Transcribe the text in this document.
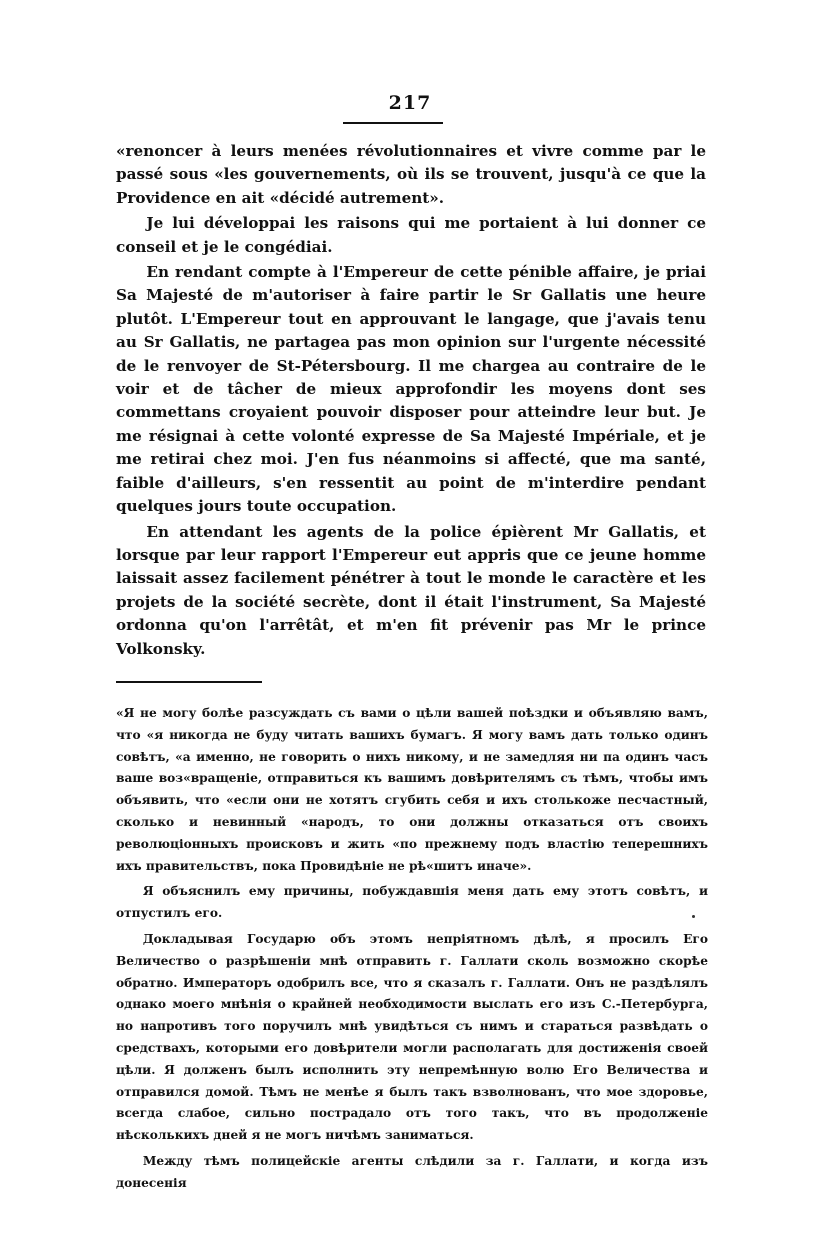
217

«renoncer à leurs menées révolutionnaires et vivre comme par le passé sous «les gouvernements, où ils se trouvent, jusqu'à ce que la Providence en ait «décidé autrement».

Je lui développai les raisons qui me portaient à lui donner ce conseil et je le congédiai.

En rendant compte à l'Empereur de cette pénible affaire, je priai Sa Majesté de m'autoriser à faire partir le Sr Gallatis une heure plutôt. L'Empereur tout en approuvant le langage, que j'avais tenu au Sr Gallatis, ne partagea pas mon opinion sur l'urgente nécessité de le renvoyer de St-Pétersbourg. Il me chargea au contraire de le voir et de tâcher de mieux approfondir les moyens dont ses commettans croyaient pouvoir disposer pour atteindre leur but. Je me résignai à cette volonté expresse de Sa Majesté Impériale, et je me retirai chez moi. J'en fus néanmoins si affecté, que ma santé, faible d'ailleurs, s'en ressentit au point de m'interdire pendant quelques jours toute occupation.

En attendant les agents de la police épièrent Mr Gallatis, et lorsque par leur rapport l'Empereur eut appris que ce jeune homme laissait assez facilement pénétrer à tout le monde le caractère et les projets de la société secrète, dont il était l'instrument, Sa Majesté ordonna qu'on l'arrêtât, et m'en fit prévenir pas Mr le prince Volkonsky.

«Я не могу болѣе разсуждать съ вами о цѣли вашей поѣздки и объявляю вамъ, что «я никогда не буду читать вашихъ бумагъ. Я могу вамъ дать только одинъ совѣтъ, «а именно, не говорить о нихъ никому, и не замедляя ни па одинъ часъ ваше воз«вращеніе, отправиться къ вашимъ довѣрителямъ съ тѣмъ, чтобы имъ объявить, что «если они не хотятъ сгубить себя и ихъ столькоже песчастный, сколько и невинный «народъ, то они должны отказаться отъ своихъ революціонныхъ происковъ и жить «по прежнему подъ властію теперешнихъ ихъ правительствъ, пока Провидѣніе не рѣ«шитъ иначе».

Я объяснилъ ему причины, побуждавшія меня дать ему этотъ совѣтъ, и отпустилъ его.

Докладывая Государю объ этомъ непріятномъ дѣлѣ, я просилъ Его Величество о разрѣшеніи мнѣ отправить г. Галлати сколь возможно скорѣе обратно. Императоръ одобрилъ все, что я сказалъ г. Галлати. Онъ не раздѣлялъ однако моего мнѣнія о крайней необходимости выслать его изъ С.-Петербурга, но напротивъ того поручилъ мнѣ увидѣться съ нимъ и стараться развѣдать о средствахъ, которыми его довѣрители могли располагать для достиженія своей цѣли. Я долженъ былъ исполнить эту непремѣнную волю Его Величества и отправился домой. Тѣмъ не менѣе я былъ такъ взволнованъ, что мое здоровье, всегда слабое, сильно пострадало отъ того такъ, что въ продолженіе нѣсколькихъ дней я не могъ ничѣмъ заниматься.

Между тѣмъ полицейскіе агенты слѣдили за г. Галлати, и когда изъ донесенія
